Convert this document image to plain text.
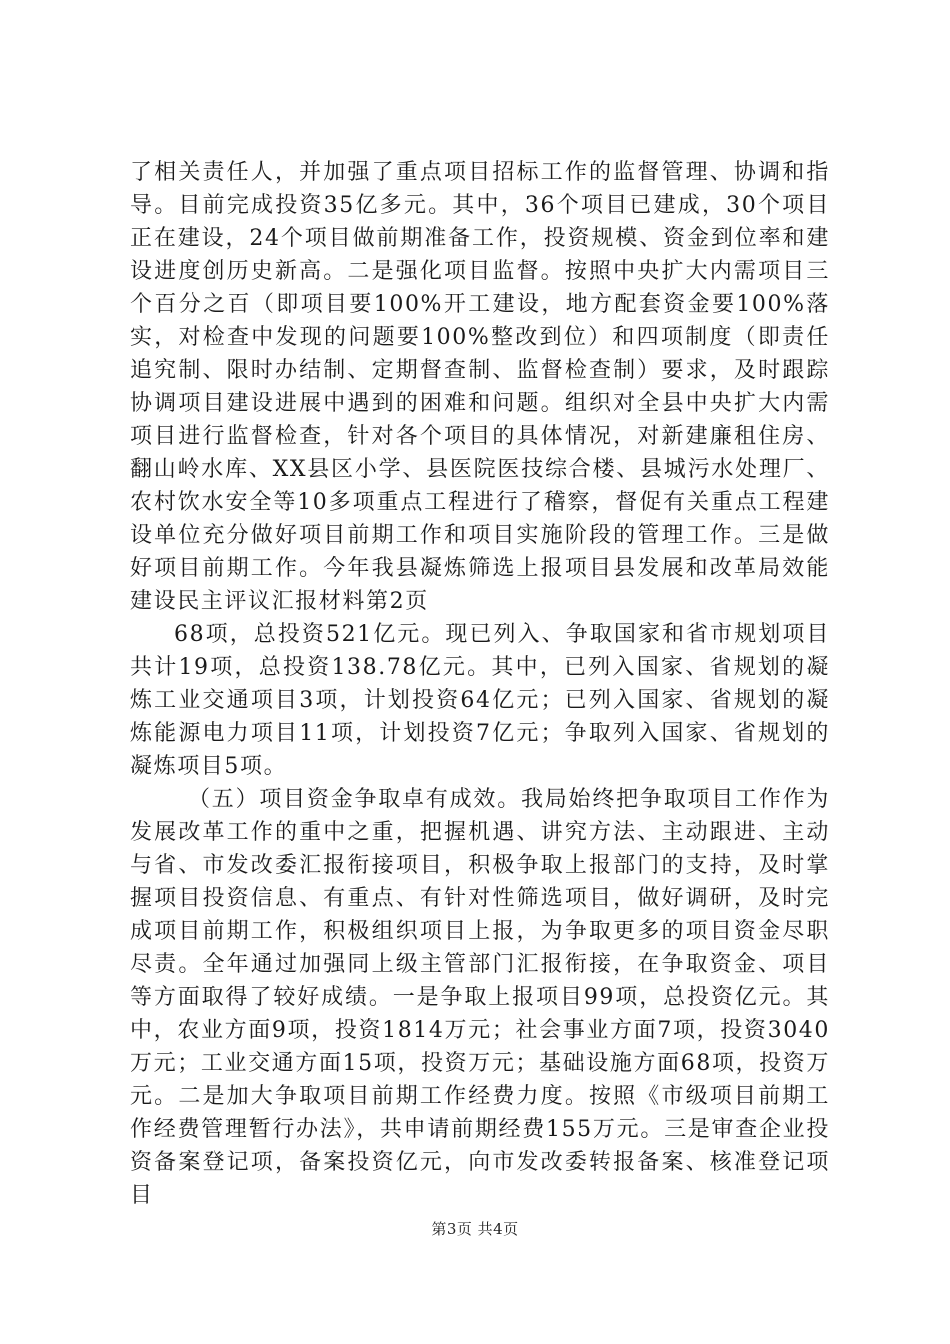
了相关责任人，并加强了重点项目招标工作的监督管理、协调和指导。目前完成投资35亿多元。其中，36个项目已建成，30个项目正在建设，24个项目做前期准备工作，投资规模、资金到位率和建设进度创历史新高。二是强化项目监督。按照中央扩大内需项目三个百分之百（即项目要100%开工建设，地方配套资金要100%落实，对检查中发现的问题要100%整改到位）和四项制度（即责任追究制、限时办结制、定期督查制、监督检查制）要求，及时跟踪协调项目建设进展中遇到的困难和问题。组织对全县中央扩大内需项目进行监督检查，针对各个项目的具体情况，对新建廉租住房、翻山岭水库、XX县区小学、县医院医技综合楼、县城污水处理厂、农村饮水安全等10多项重点工程进行了稽察，督促有关重点工程建设单位充分做好项目前期工作和项目实施阶段的管理工作。三是做好项目前期工作。今年我县凝炼筛选上报项目县发展和改革局效能建设民主评议汇报材料第2页

68项，总投资521亿元。现已列入、争取国家和省市规划项目共计19项，总投资138.78亿元。其中，已列入国家、省规划的凝炼工业交通项目3项，计划投资64亿元；已列入国家、省规划的凝炼能源电力项目11项，计划投资7亿元；争取列入国家、省规划的凝炼项目5项。

（五）项目资金争取卓有成效。我局始终把争取项目工作作为发展改革工作的重中之重，把握机遇、讲究方法、主动跟进、主动与省、市发改委汇报衔接项目，积极争取上报部门的支持，及时掌握项目投资信息、有重点、有针对性筛选项目，做好调研，及时完成项目前期工作，积极组织项目上报，为争取更多的项目资金尽职尽责。全年通过加强同上级主管部门汇报衔接，在争取资金、项目等方面取得了较好成绩。一是争取上报项目99项，总投资亿元。其中，农业方面9项，投资1814万元；社会事业方面7项，投资3040万元；工业交通方面15项，投资万元；基础设施方面68项，投资万元。二是加大争取项目前期工作经费力度。按照《市级项目前期工作经费管理暂行办法》，共申请前期经费155万元。三是审查企业投资备案登记项，备案投资亿元，向市发改委转报备案、核准登记项目

第3页 共4页
